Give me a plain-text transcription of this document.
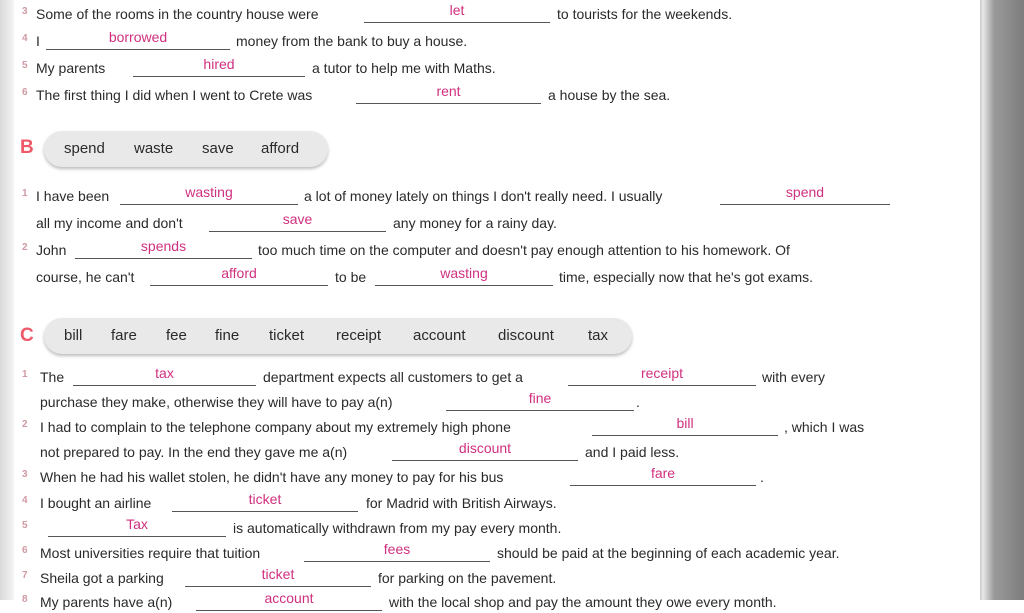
3 Some of the rooms in the country house were	let	to tourists for the weekends.
4 I	borrowed	money from the bank to buy a house.
5 My parents	hired	a tutor to help me with Maths.
6 The first thing I did when I went to Crete was	rent	a house by the sea.
B spend waste save afford
1 I have been	wasting	a lot of money lately on things I don't really need. I usually	spend
all my income and don't	save	any money for a rainy day.
2 John	spends	too much time on the computer and doesn't pay enough attention to his homework. Of
course, he can't	afford	to be	wasting	time, especially now that he's got exams.
C bill fare fee fine ticket receipt account discount tax
1 The	tax	department expects all customers to get a	receipt	with every
purchase they make, otherwise they will have to pay a(n)	fine	.
2 I had to complain to the telephone company about my extremely high phone	bill	, which I was
not prepared to pay. In the end they gave me a(n)	discount	and I paid less.
3 When he had his wallet stolen, he didn't have any money to pay for his bus	fare	.
4 I bought an airline	ticket	for Madrid with British Airways.
5	Tax	is automatically withdrawn from my pay every month.
6 Most universities require that tuition	fees	should be paid at the beginning of each academic year.
7 Sheila got a parking	ticket	for parking on the pavement.
8 My parents have a(n)	account	with the local shop and pay the amount they owe every month.
